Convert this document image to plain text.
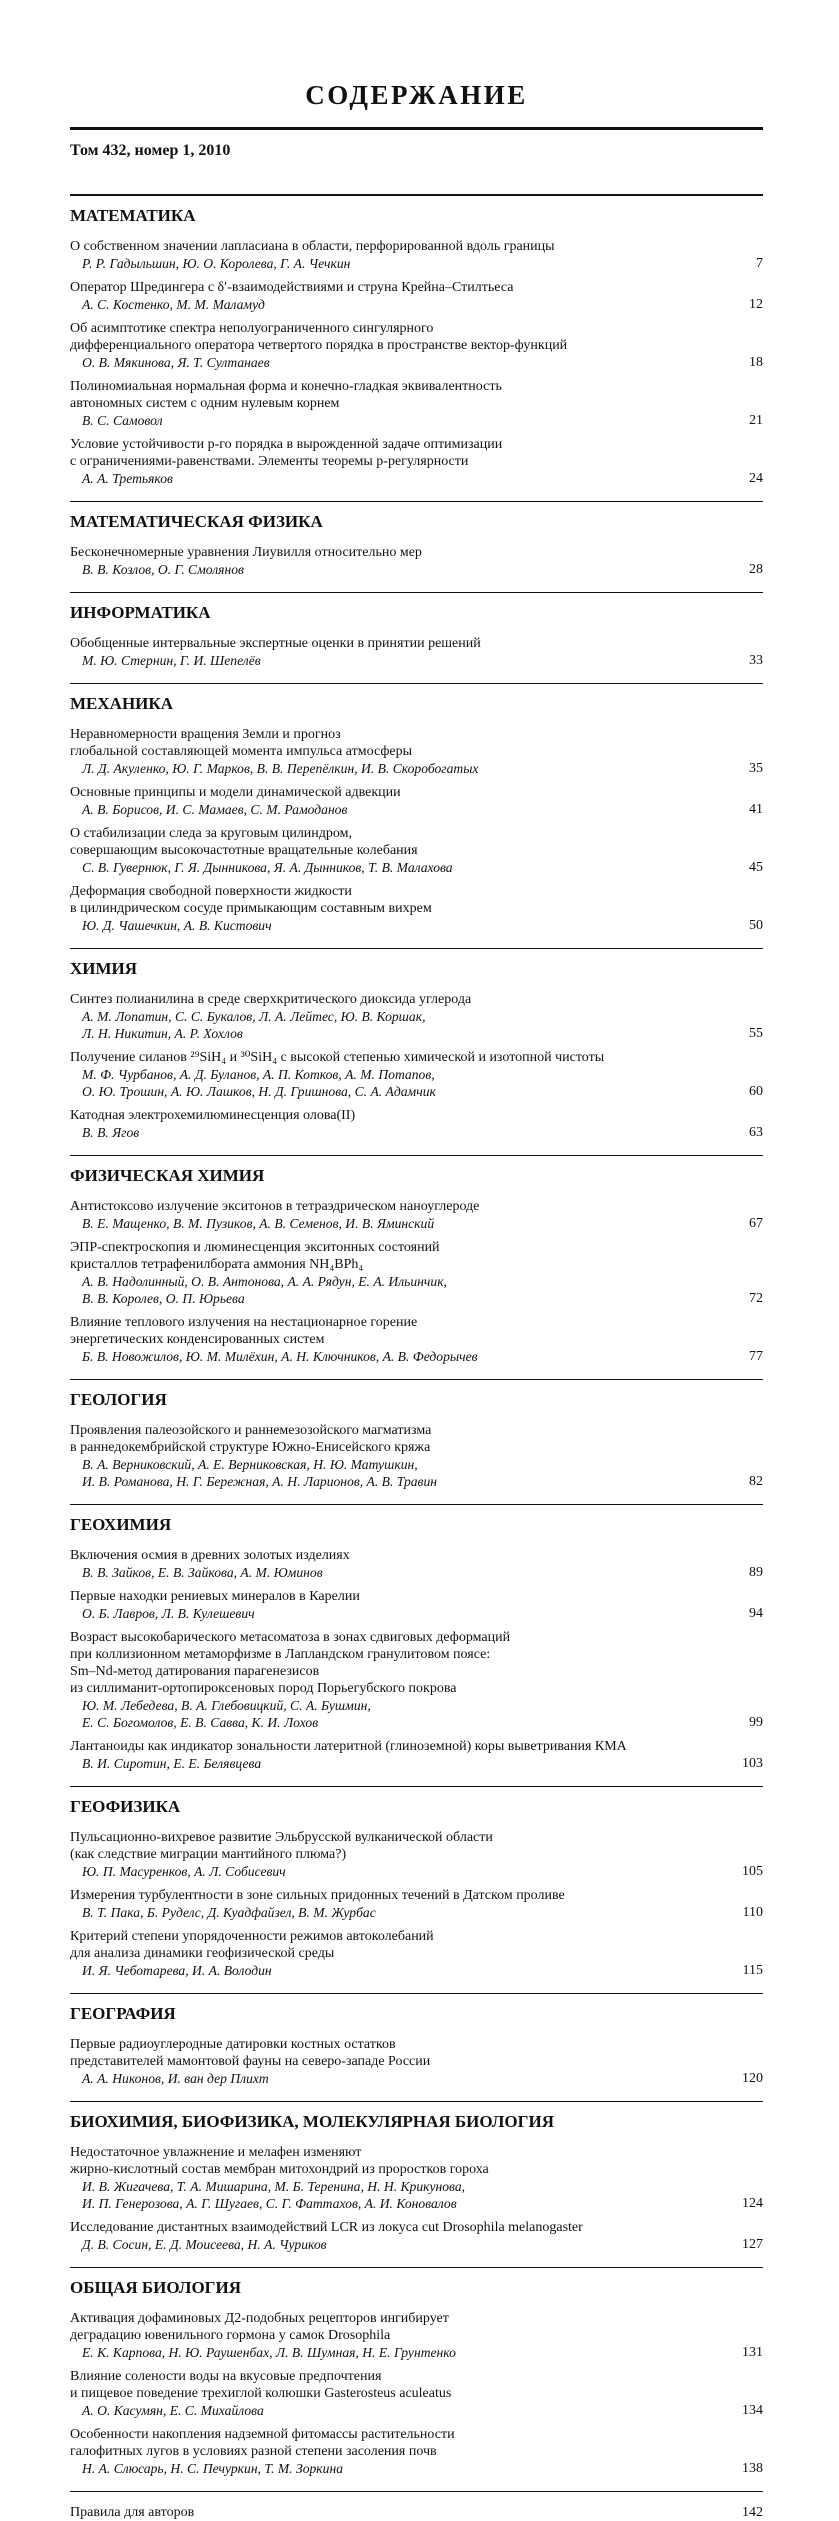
СОДЕРЖАНИЕ
Том 432, номер 1, 2010
МАТЕМАТИКА
О собственном значении лапласиана в области, перфорированной вдоль границы
Р. Р. Гадыльшин, Ю. О. Королева, Г. А. Чечкин	7
Оператор Шредингера с δ′-взаимодействиями и струна Крейна–Стилтьеса
А. С. Костенко, М. М. Маламуд	12
Об асимптотике спектра неполуограниченного сингулярного
дифференциального оператора четвертого порядка в пространстве вектор-функций
О. В. Мякинова, Я. Т. Султанаев	18
Полиномиальная нормальная форма и конечно-гладкая эквивалентность
автономных систем с одним нулевым корнем
В. С. Самовол	21
Условие устойчивости p-го порядка в вырожденной задаче оптимизации
с ограничениями-равенствами. Элементы теоремы p-регулярности
А. А. Третьяков	24
МАТЕМАТИЧЕСКАЯ ФИЗИКА
Бесконечномерные уравнения Лиувилля относительно мер
В. В. Козлов, О. Г. Смолянов	28
ИНФОРМАТИКА
Обобщенные интервальные экспертные оценки в принятии решений
М. Ю. Стернин, Г. И. Шепелёв	33
МЕХАНИКА
Неравномерности вращения Земли и прогноз
глобальной составляющей момента импульса атмосферы
Л. Д. Акуленко, Ю. Г. Марков, В. В. Перепёлкин, И. В. Скоробогатых	35
Основные принципы и модели динамической адвекции
А. В. Борисов, И. С. Мамаев, С. М. Рамоданов	41
О стабилизации следа за круговым цилиндром,
совершающим высокочастотные вращательные колебания
С. В. Гувернюк, Г. Я. Дынникова, Я. А. Дынников, Т. В. Малахова	45
Деформация свободной поверхности жидкости
в цилиндрическом сосуде примыкающим составным вихрем
Ю. Д. Чашечкин, А. В. Кистович	50
ХИМИЯ
Синтез полианилина в среде сверхкритического диоксида углерода
А. М. Лопатин, С. С. Букалов, Л. А. Лейтес, Ю. В. Коршак,
Л. Н. Никитин, А. Р. Хохлов	55
Получение силанов ²⁹SiH₄ и ³⁰SiH₄ с высокой степенью химической и изотопной чистоты
М. Ф. Чурбанов, А. Д. Буланов, А. П. Котков, А. М. Потапов,
О. Ю. Трошин, А. Ю. Лашков, Н. Д. Гришнова, С. А. Адамчик	60
Катодная электрохемилюминесценция олова(II)
В. В. Ягов	63
ФИЗИЧЕСКАЯ ХИМИЯ
Антистоксово излучение экситонов в тетраэдрическом наноуглероде
В. Е. Мащенко, В. М. Пузиков, А. В. Семенов, И. В. Яминский	67
ЭПР-спектроскопия и люминесценция экситонных состояний
кристаллов тетрафенилбората аммония NH₄BPh₄
А. В. Надолинный, О. В. Антонова, А. А. Рядун, Е. А. Ильинчик,
В. В. Королев, О. П. Юрьева	72
Влияние теплового излучения на нестационарное горение
энергетических конденсированных систем
Б. В. Новожилов, Ю. М. Милёхин, А. Н. Ключников, А. В. Федорычев	77
ГЕОЛОГИЯ
Проявления палеозойского и раннемезозойского магматизма
в раннедокембрийской структуре Южно-Енисейского кряжа
В. А. Верниковский, А. Е. Верниковская, Н. Ю. Матушкин,
И. В. Романова, Н. Г. Бережная, А. Н. Ларионов, А. В. Травин	82
ГЕОХИМИЯ
Включения осмия в древних золотых изделиях
В. В. Зайков, Е. В. Зайкова, А. М. Юминов	89
Первые находки рениевых минералов в Карелии
О. Б. Лавров, Л. В. Кулешевич	94
Возраст высокобарического метасоматоза в зонах сдвиговых деформаций
при коллизионном метаморфизме в Лапландском гранулитовом поясе:
Sm–Nd-метод датирования парагенезисов
из силлиманит-ортопироксеновых пород Порьегубского покрова
Ю. М. Лебедева, В. А. Глебовицкий, С. А. Бушмин,
Е. С. Богомолов, Е. В. Савва, К. И. Лохов	99
Лантаноиды как индикатор зональности латеритной (глиноземной) коры выветривания КМА
В. И. Сиротин, Е. Е. Белявцева	103
ГЕОФИЗИКА
Пульсационно-вихревое развитие Эльбрусской вулканической области
(как следствие миграции мантийного плюма?)
Ю. П. Масуренков, А. Л. Собисевич	105
Измерения турбулентности в зоне сильных придонных течений в Датском проливе
В. Т. Пака, Б. Руделс, Д. Куадфайзел, В. М. Журбас	110
Критерий степени упорядоченности режимов автоколебаний
для анализа динамики геофизической среды
И. Я. Чеботарева, И. А. Володин	115
ГЕОГРАФИЯ
Первые радиоуглеродные датировки костных остатков
представителей мамонтовой фауны на северо-западе России
А. А. Никонов, И. ван дер Плихт	120
БИОХИМИЯ, БИОФИЗИКА, МОЛЕКУЛЯРНАЯ БИОЛОГИЯ
Недостаточное увлажнение и мелафен изменяют
жирно-кислотный состав мембран митохондрий из проростков гороха
И. В. Жигачева, Т. А. Мишарина, М. Б. Теренина, Н. Н. Крикунова,
И. П. Генерозова, А. Г. Шугаев, С. Г. Фаттахов, А. И. Коновалов	124
Исследование дистантных взаимодействий LCR из локуса cut Drosophila melanogaster
Д. В. Сосин, Е. Д. Моисеева, Н. А. Чуриков	127
ОБЩАЯ БИОЛОГИЯ
Активация дофаминовых Д2-подобных рецепторов ингибирует
деградацию ювенильного гормона у самок Drosophila
Е. К. Карпова, Н. Ю. Раушенбах, Л. В. Шумная, Н. Е. Грунтенко	131
Влияние солености воды на вкусовые предпочтения
и пищевое поведение трехиглой колюшки Gasterosteus aculeatus
А. О. Касумян, Е. С. Михайлова	134
Особенности накопления надземной фитомассы растительности
галофитных лугов в условиях разной степени засоления почв
Н. А. Слюсарь, Н. С. Печуркин, Т. М. Зоркина	138
Правила для авторов	142
